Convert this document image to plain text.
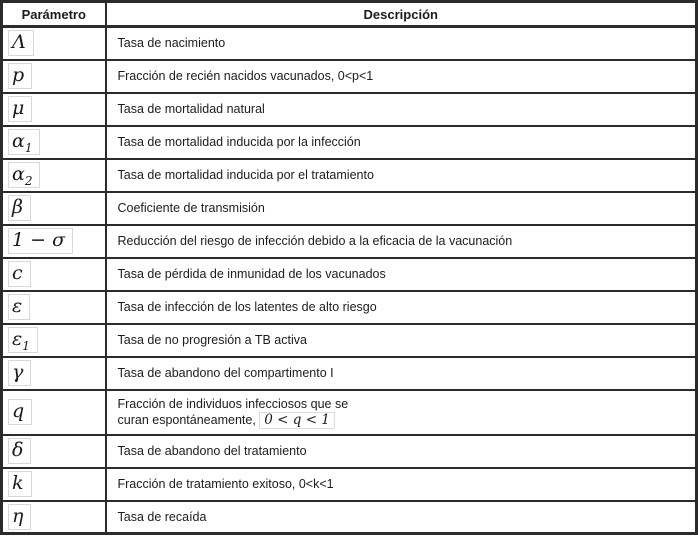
Parámetro	Descripción
Λ	Tasa de nacimiento
p	Fracción de recién nacidos vacunados, 0<p<1
μ	Tasa de mortalidad natural
$\alpha_1$	Tasa de mortalidad inducida por la infección
$\alpha_2$	Tasa de mortalidad inducida por el tratamiento
β	Coeficiente de transmisión
1 − σ	Reducción del riesgo de infección debido a la eficacia de la vacunación
c	Tasa de pérdida de inmunidad de los vacunados
ε	Tasa de infección de los latentes de alto riesgo
$\varepsilon_1$	Tasa de no progresión a TB activa
γ	Tasa de abandono del compartimento I
q	Fracción de individuos infecciosos que se
curan espontáneamente, 0 < q < 1

δ	Tasa de abandono del tratamiento
k	Fracción de tratamiento exitoso, 0<k<1
η	Tasa de recaída
